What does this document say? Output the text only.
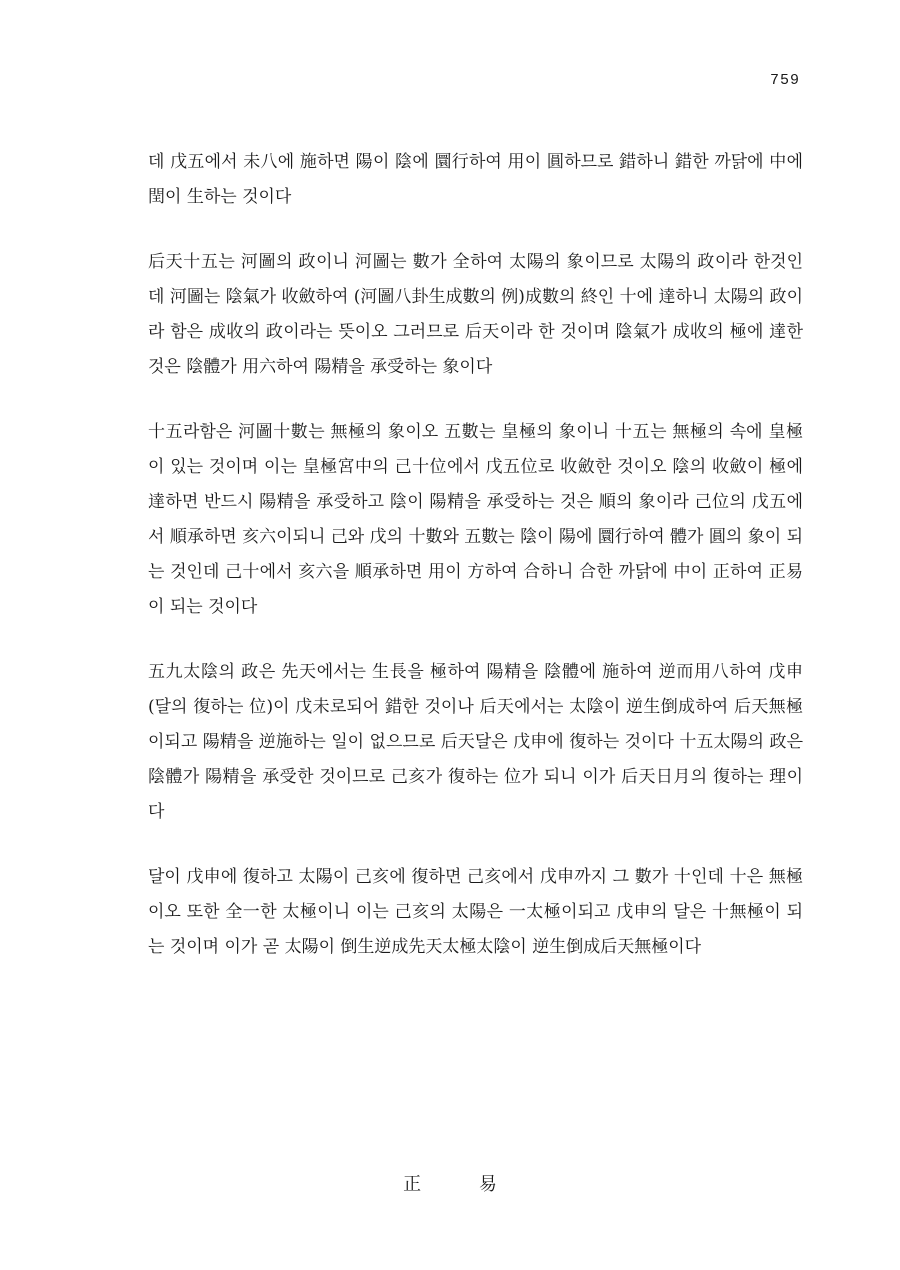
759

데 戊五에서 未八에 施하면 陽이 陰에 圜行하여 用이 圓하므로 錯하니 錯한 까닭에 中에 閏이 生하는 것이다

后天十五는 河圖의 政이니 河圖는 數가 全하여 太陽의 象이므로 太陽의 政이라 한것인데 河圖는 陰氣가 收斂하여 (河圖八卦生成數의 例)成數의 終인 十에 達하니 太陽의 政이라 함은 成收의 政이라는 뜻이오 그러므로 后天이라 한 것이며 陰氣가 成收의 極에 達한 것은 陰體가 用六하여 陽精을 承受하는 象이다

十五라함은 河圖十數는 無極의 象이오 五數는 皇極의 象이니 十五는 無極의 속에 皇極이 있는 것이며 이는 皇極宮中의 己十位에서 戊五位로 收斂한 것이오 陰의 收斂이 極에 達하면 반드시 陽精을 承受하고 陰이 陽精을 承受하는 것은 順의 象이라 己位의 戊五에서 順承하면 亥六이되니 己와 戊의 十數와 五數는 陰이 陽에 圜行하여 體가 圓의 象이 되는 것인데 己十에서 亥六을 順承하면 用이 方하여 合하니 合한 까닭에 中이 正하여 正易이 되는 것이다

五九太陰의 政은 先天에서는 生長을 極하여 陽精을 陰體에 施하여 逆而用八하여 戊申(달의 復하는 位)이 戊未로되어 錯한 것이나 后天에서는 太陰이 逆生倒成하여 后天無極이되고 陽精을 逆施하는 일이 없으므로 后天달은 戊申에 復하는 것이다 十五太陽의 政은 陰體가 陽精을 承受한 것이므로 己亥가 復하는 位가 되니 이가 后天日月의 復하는 理이다

달이 戊申에 復하고 太陽이 己亥에 復하면 己亥에서 戊申까지 그 數가 十인데 十은 無極이오 또한 全一한 太極이니 이는 己亥의 太陽은 一太極이되고 戊申의 달은 十無極이 되는 것이며 이가 곧 太陽이 倒生逆成先天太極太陰이 逆生倒成后天無極이다

正 易
